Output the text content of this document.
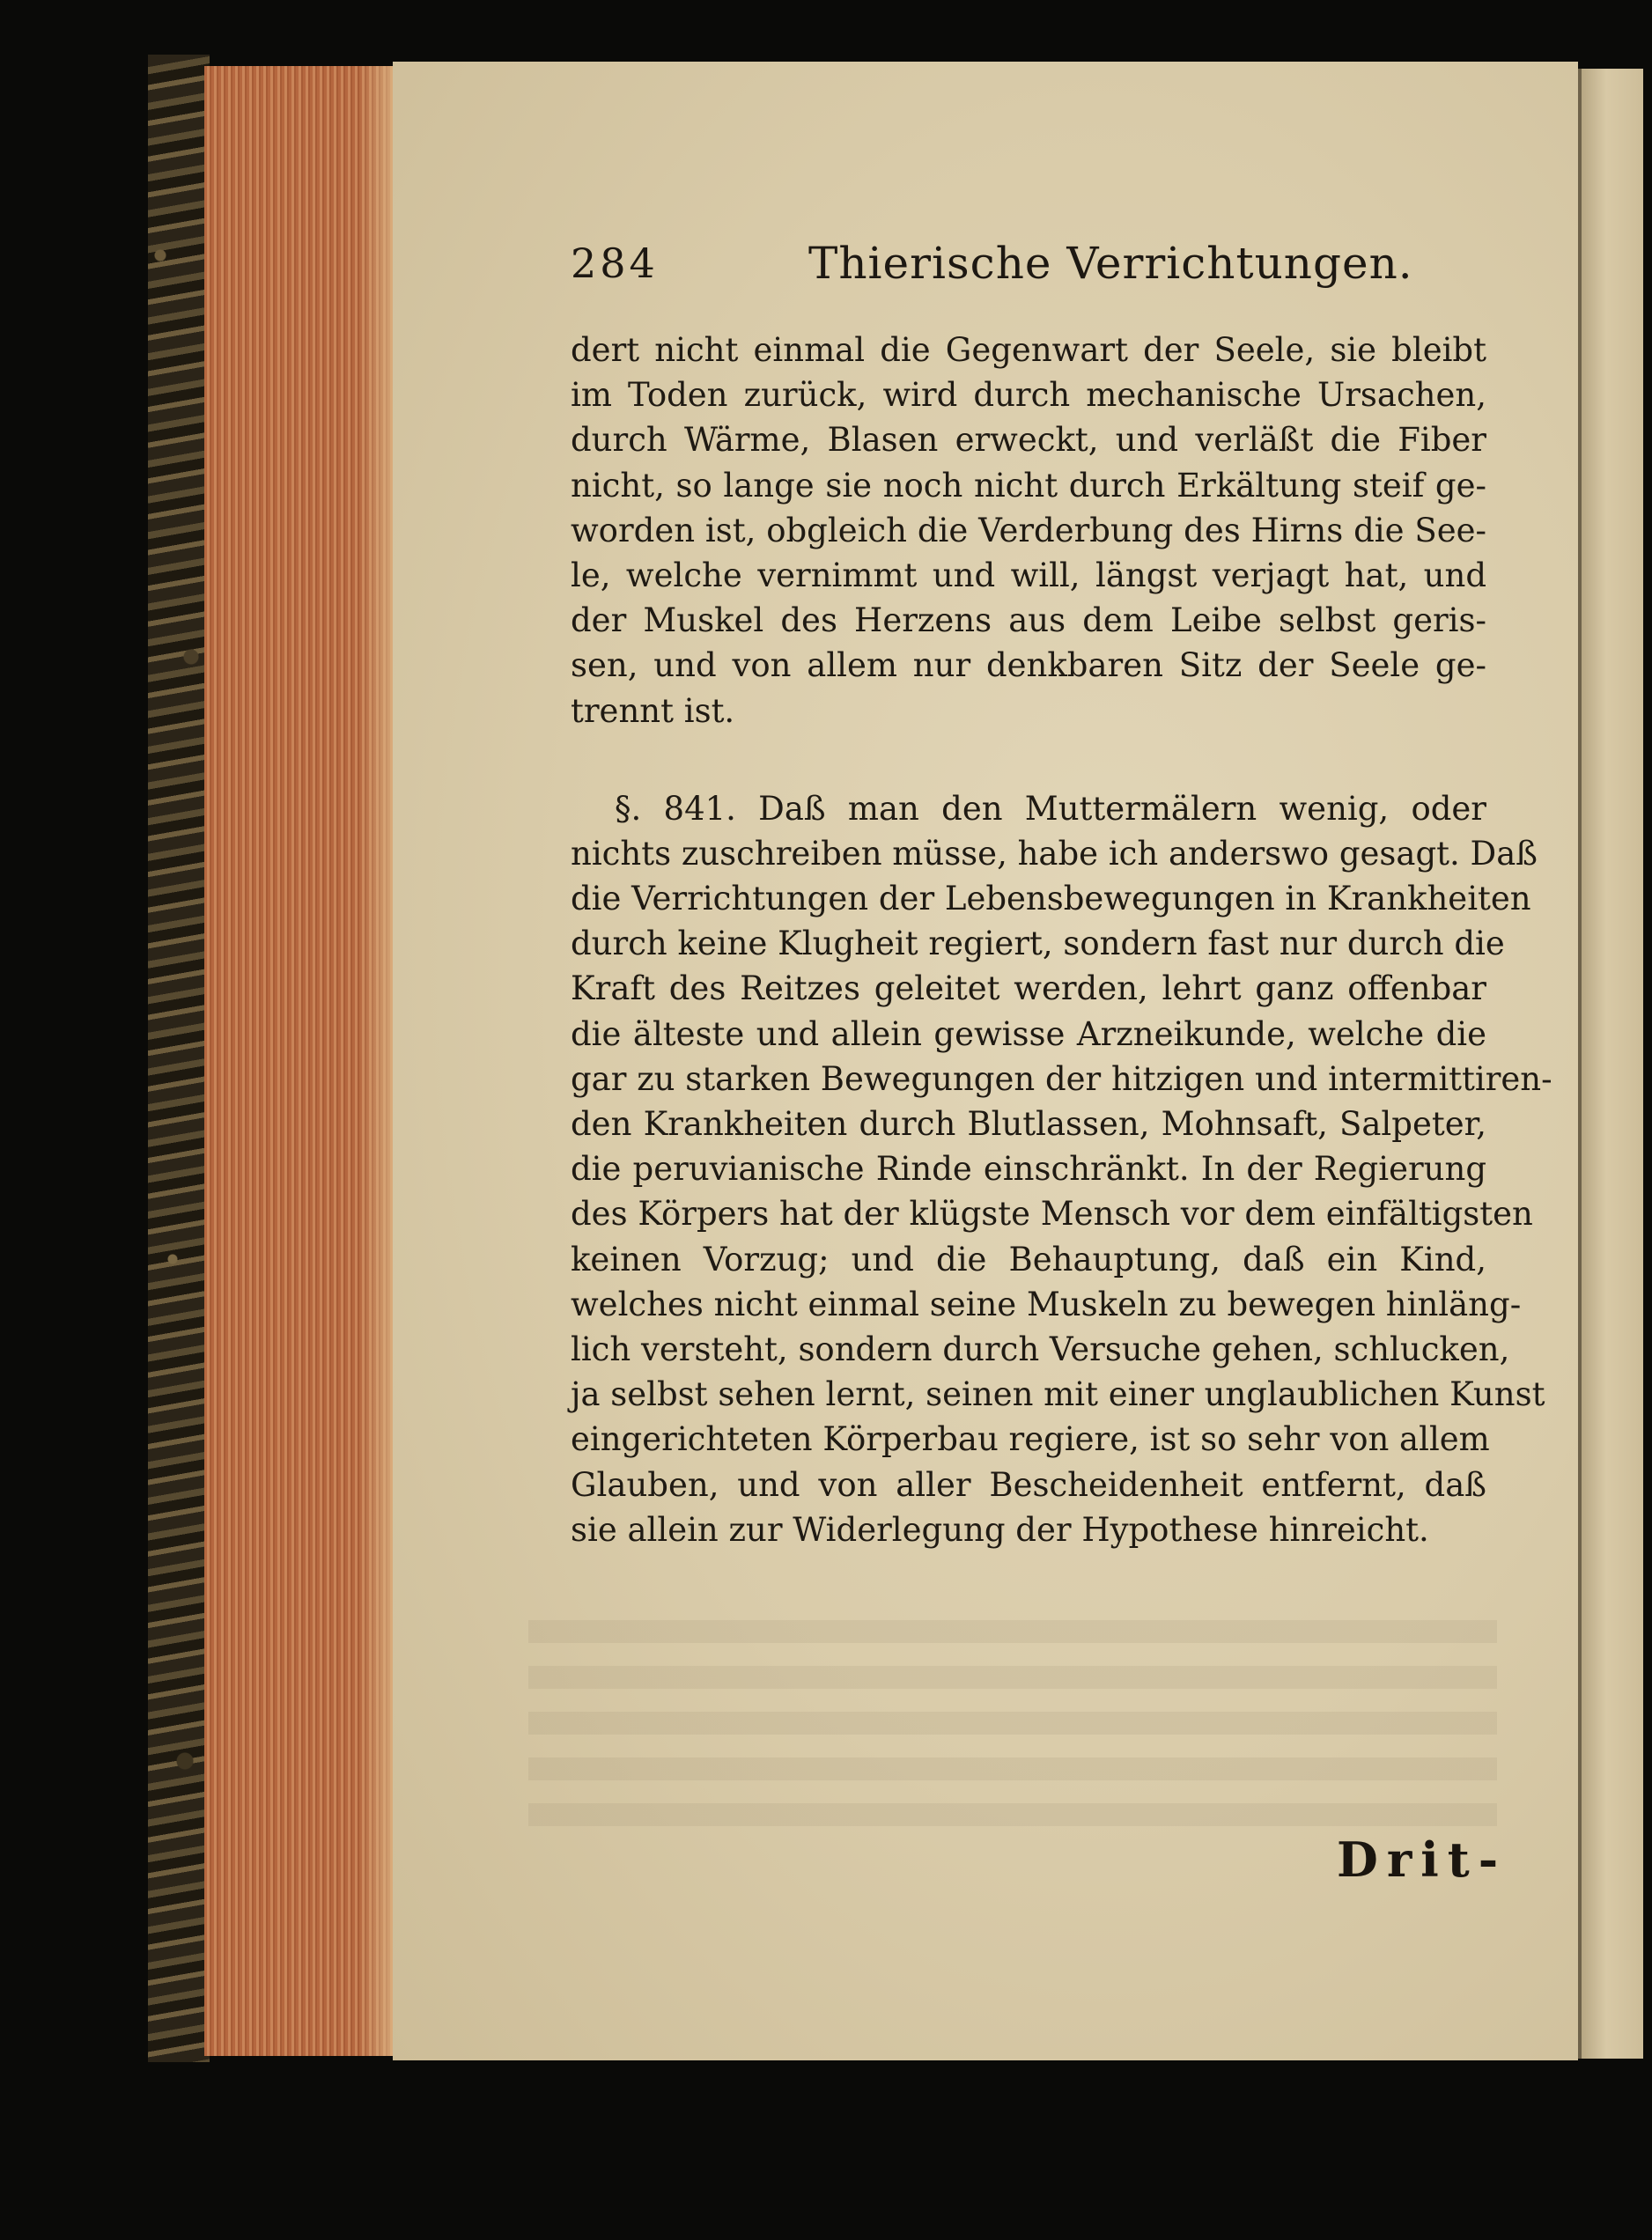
284	Thierische Verrichtungen.
dert nicht einmal die Gegenwart der Seele, sie bleibt
im Toden zurück, wird durch mechanische Ursachen,
durch Wärme, Blasen erweckt, und verläßt die Fiber
nicht, so lange sie noch nicht durch Erkältung steif ge-
worden ist, obgleich die Verderbung des Hirns die See-
le, welche vernimmt und will, längst verjagt hat, und
der Muskel des Herzens aus dem Leibe selbst geris-
sen, und von allem nur denkbaren Sitz der Seele ge-
trennt ist.
§. 841. Daß man den Muttermälern wenig, oder
nichts zuschreiben müsse, habe ich anderswo gesagt. Daß
die Verrichtungen der Lebensbewegungen in Krankheiten
durch keine Klugheit regiert, sondern fast nur durch die
Kraft des Reitzes geleitet werden, lehrt ganz offenbar
die älteste und allein gewisse Arzneikunde, welche die
gar zu starken Bewegungen der hitzigen und intermittiren-
den Krankheiten durch Blutlassen, Mohnsaft, Salpeter,
die peruvianische Rinde einschränkt. In der Regierung
des Körpers hat der klügste Mensch vor dem einfältigsten
keinen Vorzug; und die Behauptung, daß ein Kind,
welches nicht einmal seine Muskeln zu bewegen hinläng-
lich versteht, sondern durch Versuche gehen, schlucken,
ja selbst sehen lernt, seinen mit einer unglaublichen Kunst
eingerichteten Körperbau regiere, ist so sehr von allem
Glauben, und von aller Bescheidenheit entfernt, daß
sie allein zur Widerlegung der Hypothese hinreicht.
Drit-
